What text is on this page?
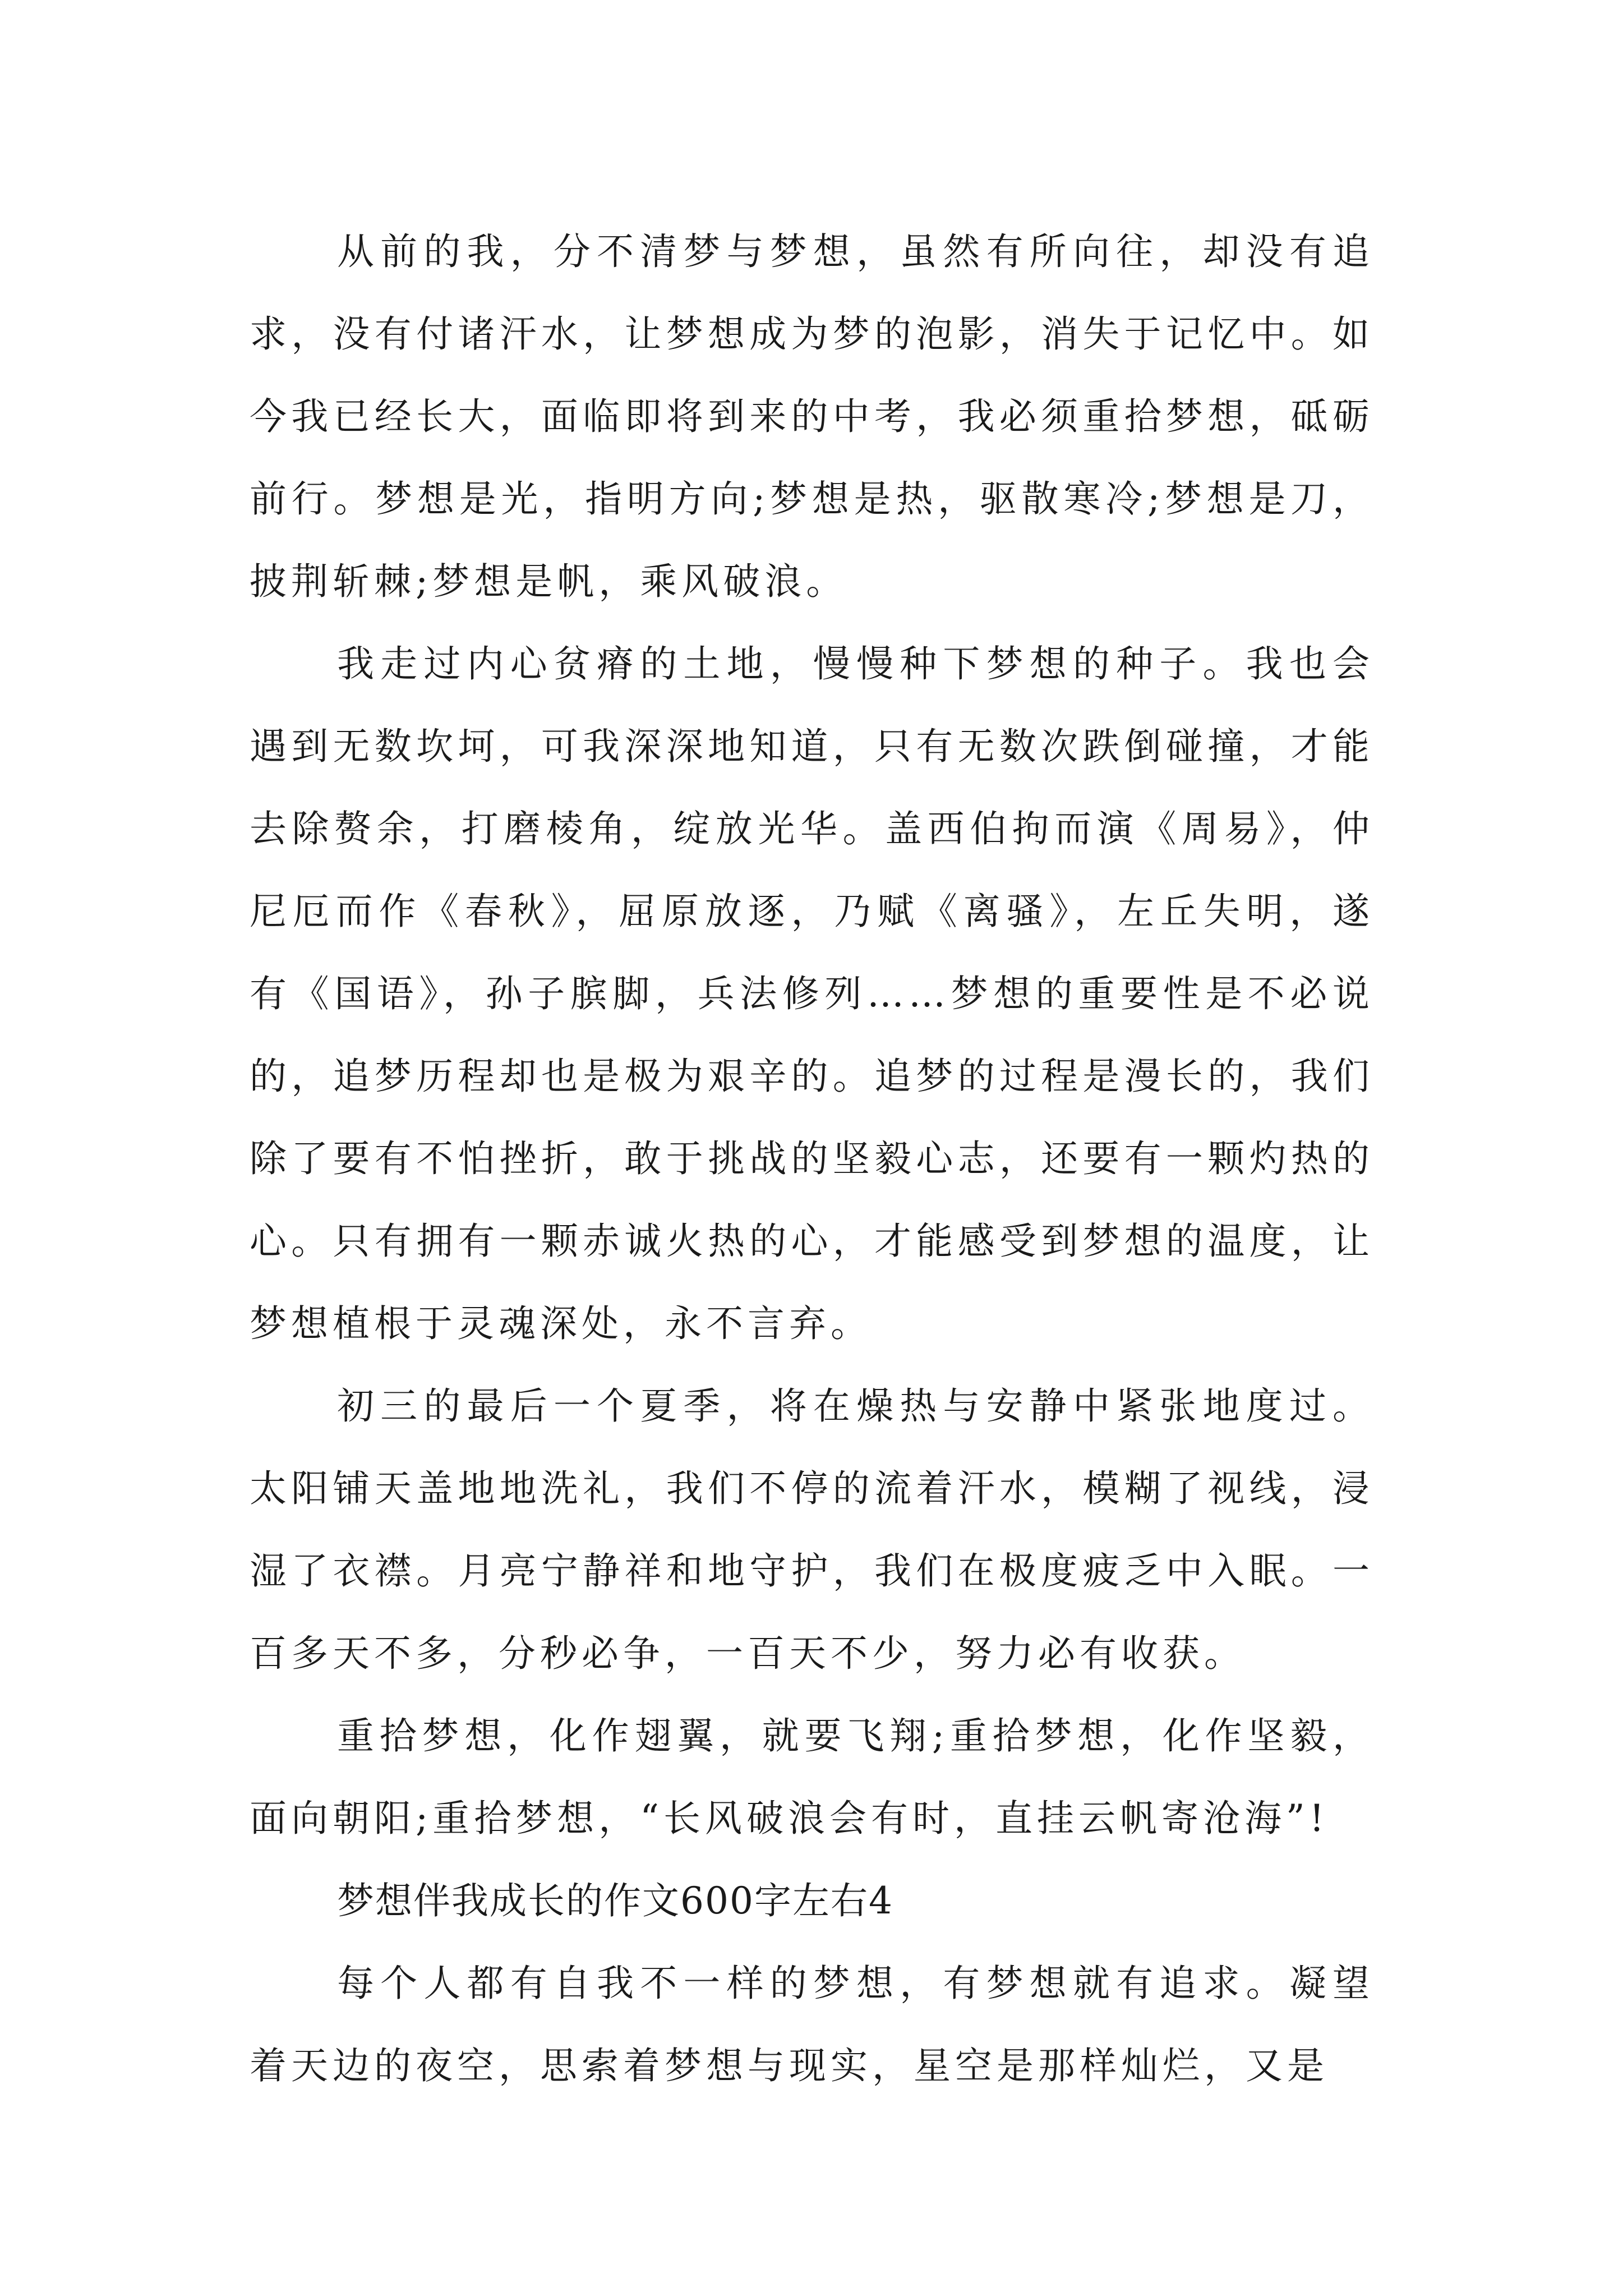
从前的我，分不清梦与梦想，虽然有所向往，却没有追求，没有付诸汗水，让梦想成为梦的泡影，消失于记忆中。如今我已经长大，面临即将到来的中考，我必须重拾梦想，砥砺前行。梦想是光，指明方向;梦想是热，驱散寒冷;梦想是刀，披荆斩棘;梦想是帆，乘风破浪。

我走过内心贫瘠的土地，慢慢种下梦想的种子。我也会遇到无数坎坷，可我深深地知道，只有无数次跌倒碰撞，才能去除赘余，打磨棱角，绽放光华。盖西伯拘而演《周易》，仲尼厄而作《春秋》，屈原放逐，乃赋《离骚》，左丘失明，遂有《国语》，孙子膑脚，兵法修列……梦想的重要性是不必说的，追梦历程却也是极为艰辛的。追梦的过程是漫长的，我们除了要有不怕挫折，敢于挑战的坚毅心志，还要有一颗灼热的心。只有拥有一颗赤诚火热的心，才能感受到梦想的温度，让梦想植根于灵魂深处，永不言弃。

初三的最后一个夏季，将在燥热与安静中紧张地度过。太阳铺天盖地地洗礼，我们不停的流着汗水，模糊了视线，浸湿了衣襟。月亮宁静祥和地守护，我们在极度疲乏中入眠。一百多天不多，分秒必争，一百天不少，努力必有收获。

重拾梦想，化作翅翼，就要飞翔;重拾梦想，化作坚毅，面向朝阳;重拾梦想，“长风破浪会有时，直挂云帆寄沧海”!

梦想伴我成长的作文600字左右4

每个人都有自我不一样的梦想，有梦想就有追求。凝望着天边的夜空，思索着梦想与现实，星空是那样灿烂，又是
